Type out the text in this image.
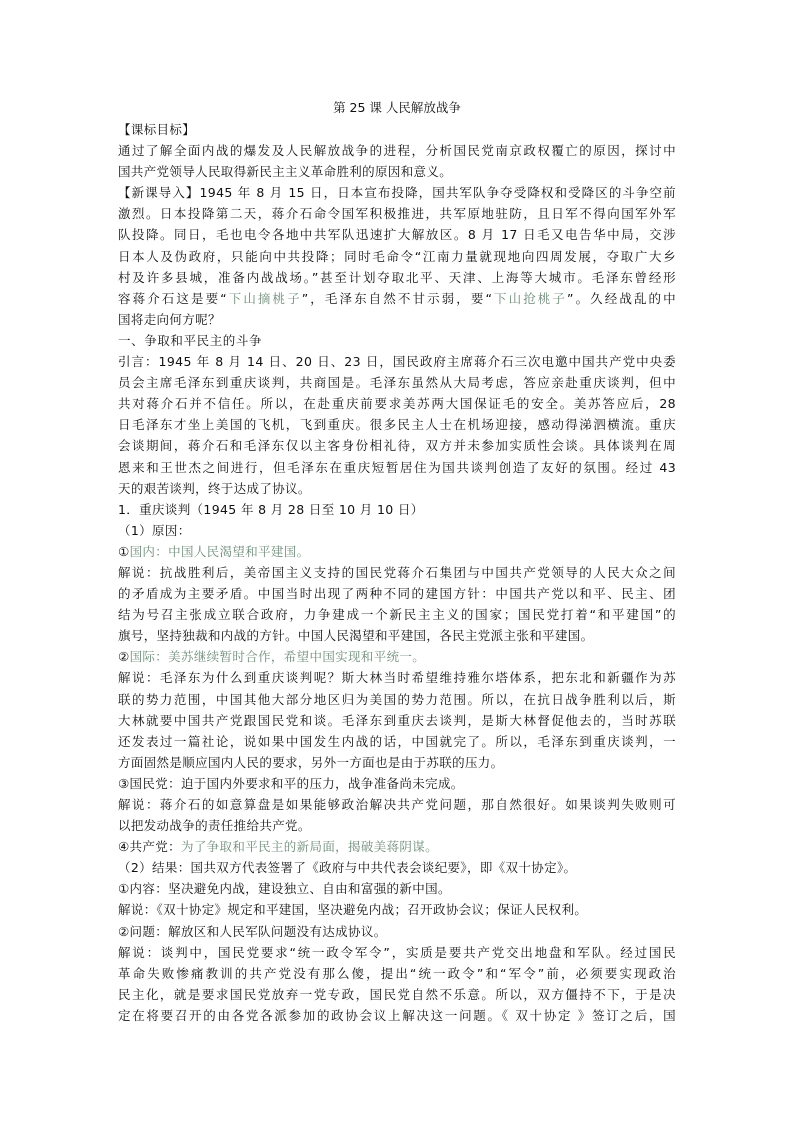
第 25 课 人民解放战争
【课标目标】
通过了解全面内战的爆发及人民解放战争的进程，分析国民党南京政权覆亡的原因，探讨中
国共产党领导人民取得新民主主义革命胜利的原因和意义。
【新课导入】1945 年 8 月 15 日，日本宣布投降，国共军队争夺受降权和受降区的斗争空前
激烈。日本投降第二天，蒋介石命令国军积极推进，共军原地驻防，且日军不得向国军外军
队投降。同日，毛也电令各地中共军队迅速扩大解放区。8 月 17 日毛又电告华中局，交涉
日本人及伪政府，只能向中共投降；同时毛命令“江南力量就现地向四周发展，夺取广大乡
村及许多县城，准备内战战场。”甚至计划夺取北平、天津、上海等大城市。毛泽东曾经形
容蒋介石这是要“下山摘桃子”，毛泽东自然不甘示弱，要“下山抢桃子”。久经战乱的中
国将走向何方呢？
一、争取和平民主的斗争
引言：1945 年 8 月 14 日、20 日、23 日，国民政府主席蒋介石三次电邀中国共产党中央委
员会主席毛泽东到重庆谈判，共商国是。毛泽东虽然从大局考虑，答应亲赴重庆谈判，但中
共对蒋介石并不信任。所以，在赴重庆前要求美苏两大国保证毛的安全。美苏答应后，28
日毛泽东才坐上美国的飞机，飞到重庆。很多民主人士在机场迎接，感动得涕泗横流。重庆
会谈期间，蒋介石和毛泽东仅以主客身份相礼待，双方并未参加实质性会谈。具体谈判在周
恩来和王世杰之间进行，但毛泽东在重庆短暂居住为国共谈判创造了友好的氛围。经过 43
天的艰苦谈判，终于达成了协议。
1．重庆谈判（1945 年 8 月 28 日至 10 月 10 日）
（1）原因：
①国内：中国人民渴望和平建国。
解说：抗战胜利后，美帝国主义支持的国民党蒋介石集团与中国共产党领导的人民大众之间
的矛盾成为主要矛盾。中国当时出现了两种不同的建国方针：中国共产党以和平、民主、团
结为号召主张成立联合政府，力争建成一个新民主主义的国家；国民党打着“和平建国”的
旗号，坚持独裁和内战的方针。中国人民渴望和平建国，各民主党派主张和平建国。
②国际：美苏继续暂时合作，希望中国实现和平统一。
解说：毛泽东为什么到重庆谈判呢？斯大林当时希望维持雅尔塔体系，把东北和新疆作为苏
联的势力范围，中国其他大部分地区归为美国的势力范围。所以，在抗日战争胜利以后，斯
大林就要中国共产党跟国民党和谈。毛泽东到重庆去谈判，是斯大林督促他去的，当时苏联
还发表过一篇社论，说如果中国发生内战的话，中国就完了。所以，毛泽东到重庆谈判，一
方面固然是顺应国内人民的要求，另外一方面也是由于苏联的压力。
③国民党：迫于国内外要求和平的压力，战争准备尚未完成。
解说：蒋介石的如意算盘是如果能够政治解决共产党问题，那自然很好。如果谈判失败则可
以把发动战争的责任推给共产党。
④共产党：为了争取和平民主的新局面，揭破美蒋阴谋。
（2）结果：国共双方代表签署了《政府与中共代表会谈纪要》，即《双十协定》。
①内容：坚决避免内战，建设独立、自由和富强的新中国。
解说：《双十协定》规定和平建国，坚决避免内战；召开政协会议；保证人民权利。
②问题：解放区和人民军队问题没有达成协议。
解说：谈判中，国民党要求“统一政令军令”，实质是要共产党交出地盘和军队。经过国民
革命失败惨痛教训的共产党没有那么傻，提出“统一政令”和“军令”前，必须要实现政治
民主化，就是要求国民党放弃一党专政，国民党自然不乐意。所以，双方僵持不下，于是决
定在将要召开的由各党各派参加的政协会议上解决这一问题。《 双十协定 》签订之后，国
